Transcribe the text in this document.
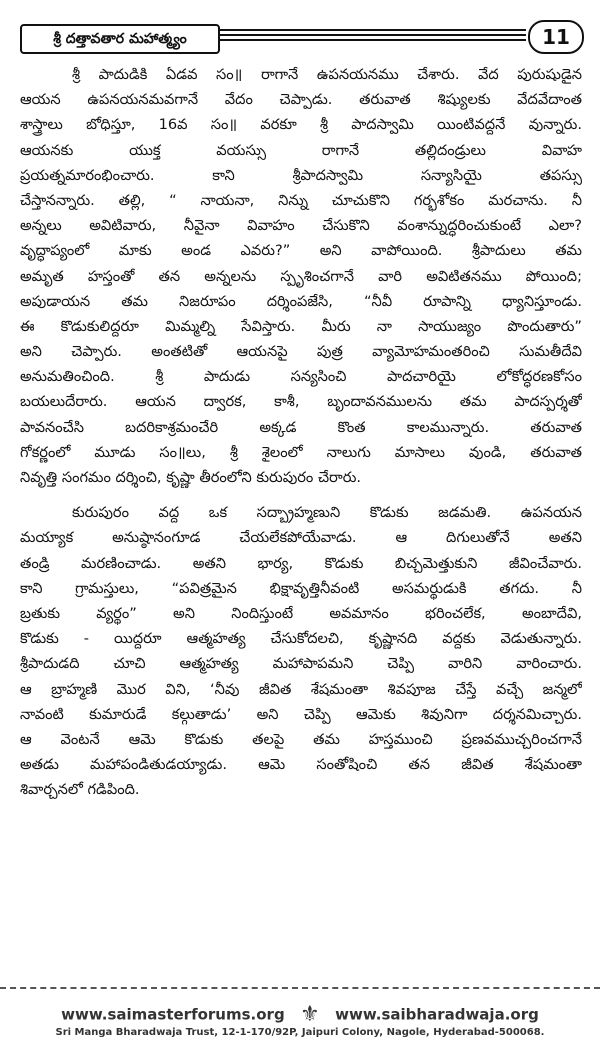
శ్రీ దత్తావతార మహాత్మ్యం	11
శ్రీ పాదుడికి ఏడవ సం॥ రాగానే ఉపనయనము చేశారు. వేద పురుషుడైన
ఆయన ఉపనయనమవగానే వేదం చెప్పాడు. తరువాత శిష్యులకు వేదవేదాంత
శాస్త్రాలు బోధిస్తూ, 16వ సం॥ వరకూ శ్రీ పాదస్వామి యింటివద్దనే వున్నారు.
ఆయనకు యుక్త వయస్సు రాగానే తల్లిదండ్రులు వివాహ
ప్రయత్నమారంభించారు. కాని శ్రీపాదస్వామి సన్యాసియై తపస్సు
చేస్తానన్నారు. తల్లి, “ నాయనా, నిన్ను చూచుకొని గర్భశోకం మరచాను. నీ
అన్నలు అవిటివారు, నీవైనా వివాహం చేసుకొని వంశాన్నుద్ధరించుకుంటే ఎలా?
వృద్ధాప్యంలో మాకు అండ ఎవరు?” అని వాపోయింది. శ్రీపాదులు తమ
అమృత హస్తంతో తన అన్నలను స్పృశించగానే వారి అవిటితనము పోయింది;
అపుడాయన తమ నిజరూపం దర్శింపజేసి, “నీవీ రూపాన్ని ధ్యానిస్తూండు.
ఈ కొడుకులిద్దరూ మిమ్మల్ని సేవిస్తారు. మీరు నా సాయుజ్యం పొందుతారు”
అని చెప్పారు. అంతటితో ఆయనపై పుత్ర వ్యామోహమంతరించి సుమతీదేవి
అనుమతించింది. శ్రీ పాదుడు సన్యసించి పాదచారియై లోకోద్ధరణకోసం
బయలుదేరారు. ఆయన ద్వారక, కాశీ, బృందావనములను తమ పాదస్పర్శతో
పావనంచేసి బదరికాశ్రమంచేరి అక్కడ కొంత కాలమున్నారు. తరువాత
గోకర్ణంలో మూడు సం॥లు, శ్రీ శైలంలో నాలుగు మాసాలు వుండి, తరువాత
నివృత్తి సంగమం దర్శించి, కృష్ణా తీరంలోని కురుపురం చేరారు.
కురుపురం వద్ద ఒక సద్బ్రాహ్మణుని కొడుకు జడమతి. ఉపనయన
మయ్యాక అనుష్ఠానంగూడ చేయలేకపోయేవాడు. ఆ దిగులుతోనే అతని
తండ్రి మరణించాడు. అతని భార్య, కొడుకు బిచ్చమెత్తుకుని జీవించేవారు.
కాని గ్రామస్తులు, “పవిత్రమైన భిక్షావృత్తినీవంటి అసమర్థుడుకి తగదు. నీ
బ్రతుకు వ్యర్థం” అని నిందిస్తుంటే అవమానం భరించలేక, అంబాదేవి,
కొడుకు - యిద్దరూ ఆత్మహత్య చేసుకోదలచి, కృష్ణానది వద్దకు వెడుతున్నారు.
శ్రీపాదుడది చూచి ఆత్మహత్య మహాపాపమని చెప్పి వారిని వారించారు.
ఆ బ్రాహ్మణి మొర విని, ‘నీవు జీవిత శేషమంతా శివపూజ చేస్తే వచ్చే జన్మలో
నావంటి కుమారుడే కల్గుతాడు’ అని చెప్పి ఆమెకు శివునిగా దర్శనమిచ్చారు.
ఆ వెంటనే ఆమె కొడుకు తలపై తమ హస్తముంచి ప్రణవముచ్చరించగానే
అతడు మహాపండితుడయ్యాడు. ఆమె సంతోషించి తన జీవిత శేషమంతా
శివార్చనలో గడిపింది.
www.saimasterforums.org ⚜ www.saibharadwaja.org
Sri Manga Bharadwaja Trust, 12-1-170/92P, Jaipuri Colony, Nagole, Hyderabad-500068.
